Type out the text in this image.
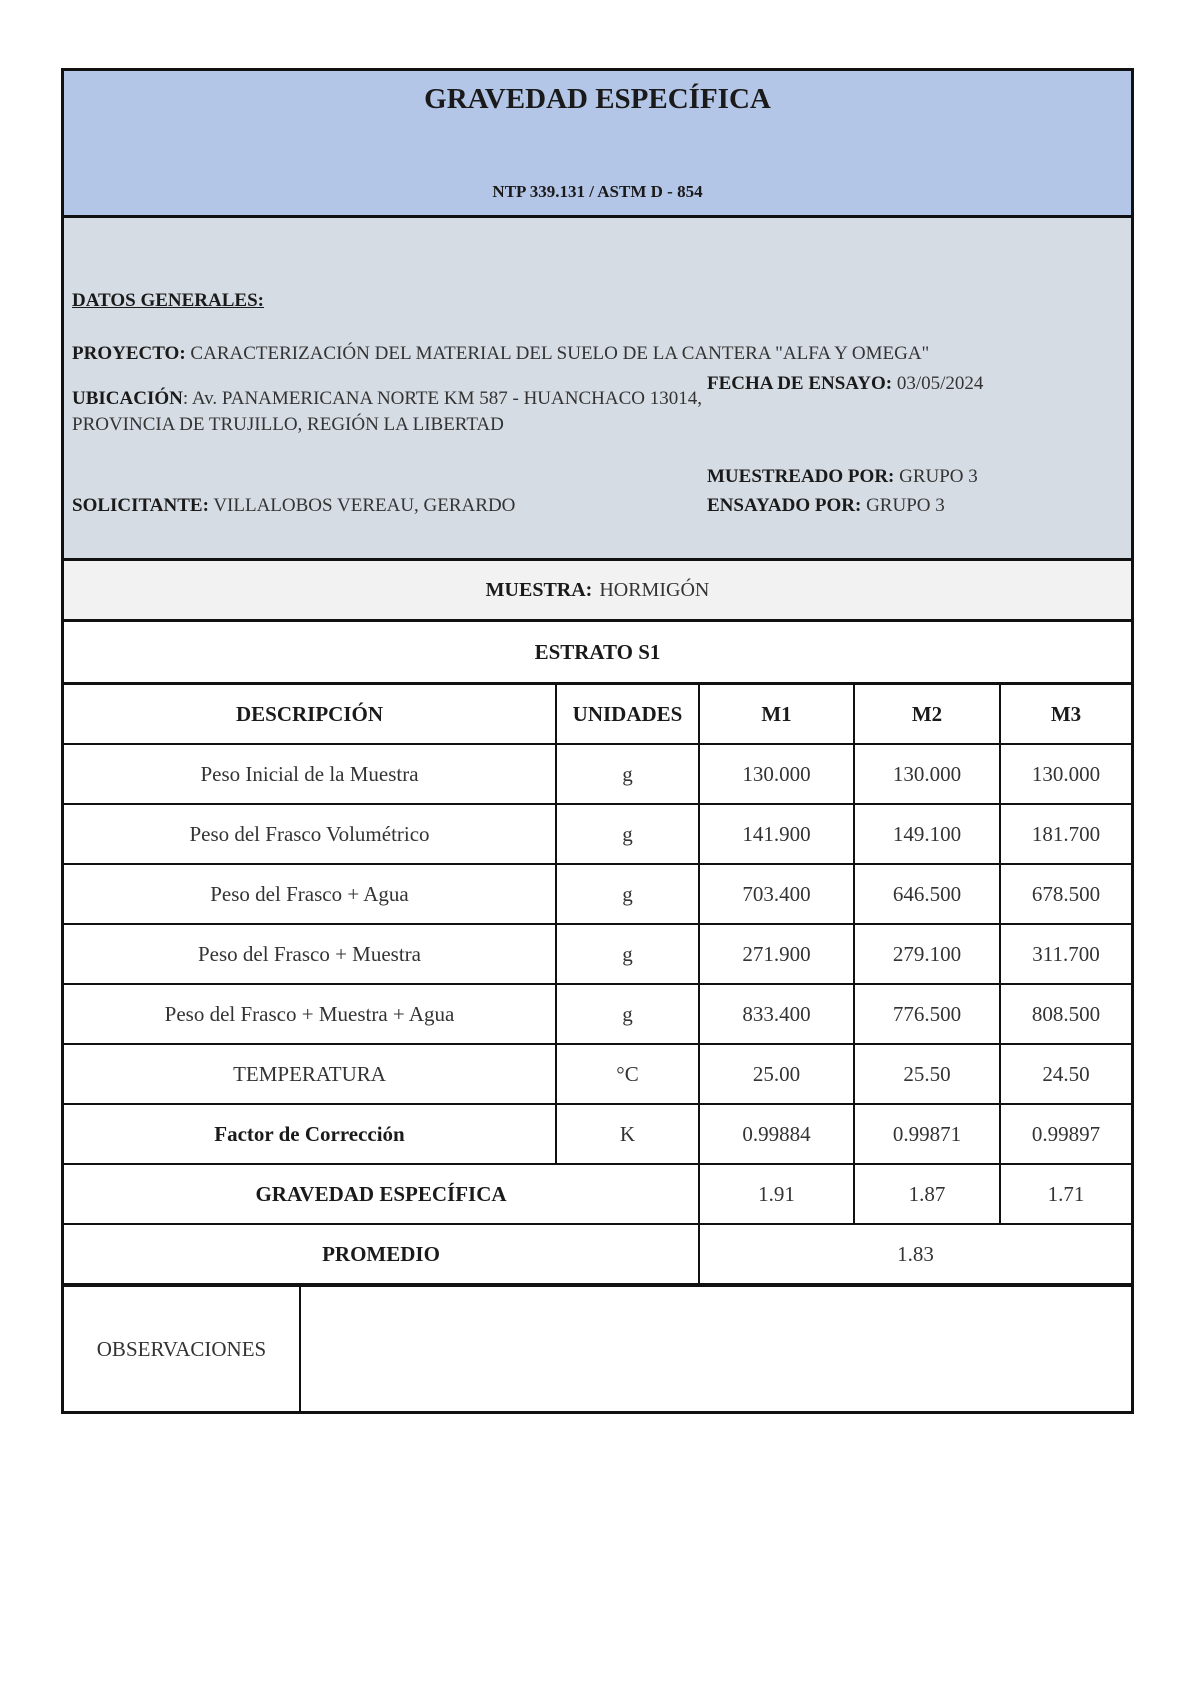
GRAVEDAD ESPECÍFICA
NTP 339.131 / ASTM D - 854
DATOS GENERALES:
PROYECTO: CARACTERIZACIÓN DEL MATERIAL DEL SUELO DE LA CANTERA "ALFA Y OMEGA"
UBICACIÓN: Av. PANAMERICANA NORTE KM 587 - HUANCHACO 13014, PROVINCIA DE TRUJILLO, REGIÓN LA LIBERTAD
FECHA DE ENSAYO: 03/05/2024
MUESTREADO POR: GRUPO 3
ENSAYADO POR: GRUPO 3
SOLICITANTE: VILLALOBOS VEREAU, GERARDO
MUESTRA: HORMIGÓN
ESTRATO S1
DESCRIPCIÓN	UNIDADES	M1	M2	M3
Peso Inicial de la Muestra	g	130.000	130.000	130.000
Peso del Frasco Volumétrico	g	141.900	149.100	181.700
Peso del Frasco + Agua	g	703.400	646.500	678.500
Peso del Frasco + Muestra	g	271.900	279.100	311.700
Peso del Frasco + Muestra + Agua	g	833.400	776.500	808.500
TEMPERATURA	°C	25.00	25.50	24.50
Factor de Corrección	K	0.99884	0.99871	0.99897
GRAVEDAD ESPECÍFICA		1.91	1.87	1.71
PROMEDIO		1.83		
OBSERVACIONES
